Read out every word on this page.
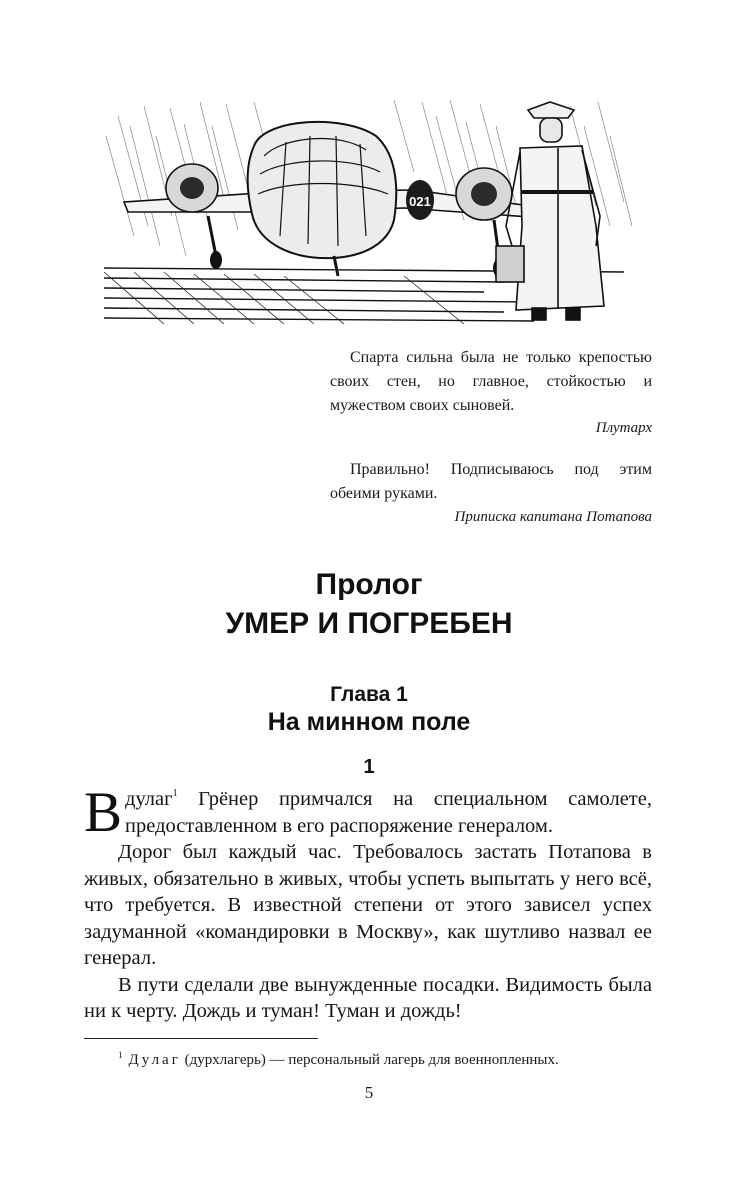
021

Спарта сильна была не только крепостью своих стен, но главное, стойкостью и мужеством своих сыновей.

Плутарх

Правильно! Подписываюсь под этим обеими руками.

Приписка капитана Потапова
Пролог
УМЕР И ПОГРЕБЕН
Глава 1
На минном поле
1

Вдулаг$^1$ Грёнер примчался на специальном самолете, предоставленном в его распоряжение генералом.

Дорог был каждый час. Требовалось застать Потапова в живых, обязательно в живых, чтобы успеть выпытать у него всё, что требуется. В известной степени от этого зависел успех задуманной «командировки в Москву», как шутливо назвал ее генерал.

В пути сделали две вынужденные посадки. Видимость была ни к черту. Дождь и туман! Туман и дождь!

$^1$ Дулаг (дурхлагерь) — персональный лагерь для военнопленных.
5
